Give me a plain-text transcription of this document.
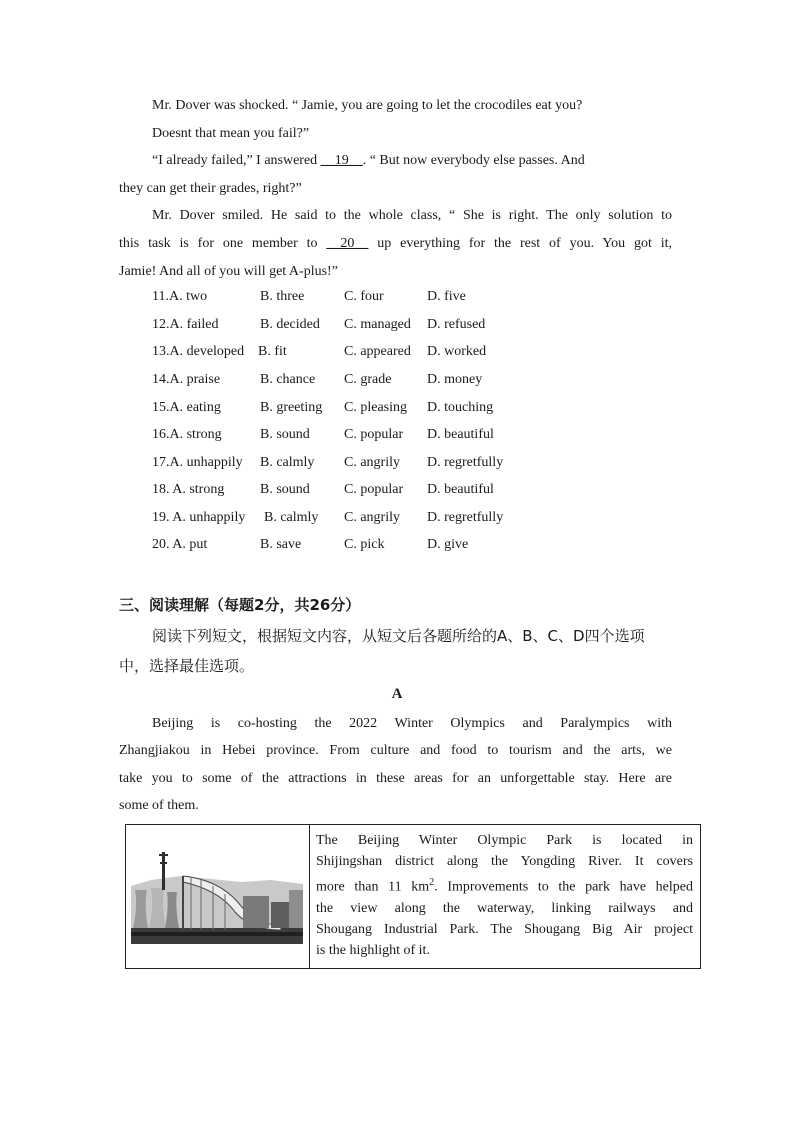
Mr. Dover was shocked. “ Jamie, you are going to let the crocodiles eat you?
Doesnt that mean you fail?”
“I already failed,” I answered __19__. “ But now everybody else passes. And
they can get their grades, right?”
Mr. Dover smiled. He said to the whole class, “ She is right. The only solution to
this task is for one member to __20__ up everything for the rest of you. You got it,
Jamie! And all of you will get A-plus!”
11.A. two	B. three	C. four	D. five
12.A. failed	B. decided C. managed D. refused
13.A. developed B. fit	C. appeared D. worked
14.A. praise	B. chance C. grade	D. money
15.A. eating	B. greeting C. pleasing D. touching
16.A. strong	B. sound C. popular D. beautiful
17.A. unhappily B. calmly C. angrily D. regretfully
18. A. strong	B. sound C. popular D. beautiful
19. A. unhappily B. calmly C. angrily D. regretfully
20. A. put	B. save	C. pick	D. give
三、阅读理解（每题2分，共26分）
阅读下列短文，根据短文内容，从短文后各题所给的A、B、C、D四个选项
中，选择最佳选项。
A
Beijing is co-hosting the 2022 Winter Olympics and Paralympics with
Zhangjiakou in Hebei province. From culture and food to tourism and the arts, we
take you to some of the attractions in these areas for an unforgettable stay. Here are
some of them.
The Beijing Winter Olympic Park is located in
Shijingshan district along the Yongding River. It covers
more than 11 $km^2$. Improvements to the park have helped
the view along the waterway, linking railways and
Shougang Industrial Park. The Shougang Big Air project
is the highlight of it.
